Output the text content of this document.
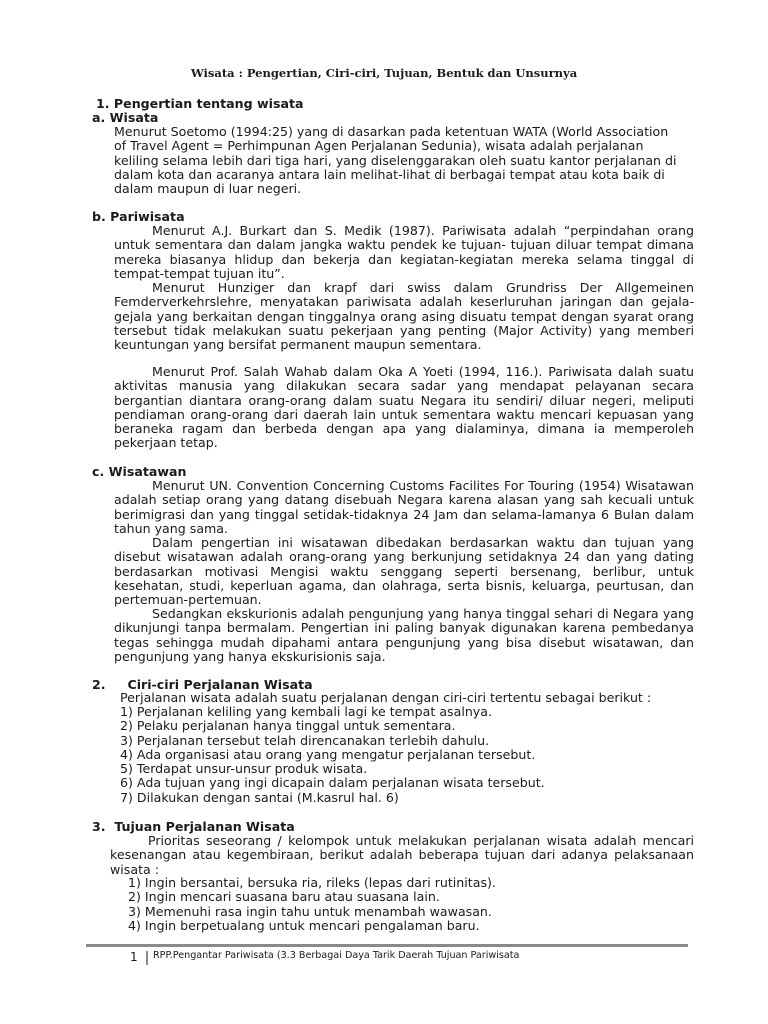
Wisata : Pengertian, Ciri-ciri, Tujuan, Bentuk dan Unsurnya
1. Pengertian tentang wisata
a. Wisata
Menurut Soetomo (1994:25) yang di dasarkan pada ketentuan WATA (World Association of Travel Agent = Perhimpunan Agen Perjalanan Sedunia), wisata adalah perjalanan keliling selama lebih dari tiga hari, yang diselenggarakan oleh suatu kantor perjalanan di dalam kota dan acaranya antara lain melihat-lihat di berbagai tempat atau kota baik di dalam maupun di luar negeri.
b. Pariwisata
Menurut A.J. Burkart dan S. Medik (1987). Pariwisata adalah “perpindahan orang untuk sementara dan dalam jangka waktu pendek ke tujuan- tujuan diluar tempat dimana mereka biasanya hlidup dan bekerja dan kegiatan-kegiatan mereka selama tinggal di tempat-tempat tujuan itu”.
Menurut Hunziger dan krapf dari swiss dalam Grundriss Der Allgemeinen Femderverkehrslehre, menyatakan pariwisata adalah keserluruhan jaringan dan gejala-gejala yang berkaitan dengan tinggalnya orang asing disuatu tempat dengan syarat orang tersebut tidak melakukan suatu pekerjaan yang penting (Major Activity) yang memberi keuntungan yang bersifat permanent maupun sementara.
Menurut Prof. Salah Wahab dalam Oka A Yoeti (1994, 116.). Pariwisata dalah suatu aktivitas manusia yang dilakukan secara sadar yang mendapat pelayanan secara bergantian diantara orang-orang dalam suatu Negara itu sendiri/ diluar negeri, meliputi pendiaman orang-orang dari daerah lain untuk sementara waktu mencari kepuasan yang beraneka ragam dan berbeda dengan apa yang dialaminya, dimana ia memperoleh pekerjaan tetap.
c. Wisatawan
Menurut UN. Convention Concerning Customs Facilites For Touring (1954) Wisatawan adalah setiap orang yang datang disebuah Negara karena alasan yang sah kecuali untuk berimigrasi dan yang tinggal setidak-tidaknya 24 Jam dan selama-lamanya 6 Bulan dalam tahun yang sama.
Dalam pengertian ini wisatawan dibedakan berdasarkan waktu dan tujuan yang disebut wisatawan adalah orang-orang yang berkunjung setidaknya 24 dan yang dating berdasarkan motivasi Mengisi waktu senggang seperti bersenang, berlibur, untuk kesehatan, studi, keperluan agama, dan olahraga, serta bisnis, keluarga, peurtusan, dan pertemuan-pertemuan.
Sedangkan ekskurionis adalah pengunjung yang hanya tinggal sehari di Negara yang dikunjungi tanpa bermalam. Pengertian ini paling banyak digunakan karena pembedanya tegas sehingga mudah dipahami antara pengunjung yang bisa disebut wisatawan, dan pengunjung yang hanya ekskurisionis saja.
2.     Ciri-ciri Perjalanan Wisata
Perjalanan wisata adalah suatu perjalanan dengan ciri-ciri tertentu sebagai berikut :
1) Perjalanan keliling yang kembali lagi ke tempat asalnya.
2) Pelaku perjalanan hanya tinggal untuk sementara.
3) Perjalanan tersebut telah direncanakan terlebih dahulu.
4) Ada organisasi atau orang yang mengatur perjalanan tersebut.
5) Terdapat unsur-unsur produk wisata.
6) Ada tujuan yang ingi dicapain dalam perjalanan wisata tersebut.
7) Dilakukan dengan santai (M.kasrul hal. 6)
3.  Tujuan Perjalanan Wisata
Prioritas seseorang / kelompok untuk melakukan perjalanan wisata adalah mencari kesenangan atau kegembiraan, berikut adalah beberapa tujuan dari adanya pelaksanaan wisata :
1) Ingin bersantai, bersuka ria, rileks (lepas dari rutinitas).
2) Ingin mencari suasana baru atau suasana lain.
3) Memenuhi rasa ingin tahu untuk menambah wawasan.
4) Ingin berpetualang untuk mencari pengalaman baru.
1 RPP.Pengantar Pariwisata (3.3 Berbagai Daya Tarik Daerah Tujuan Pariwisata
